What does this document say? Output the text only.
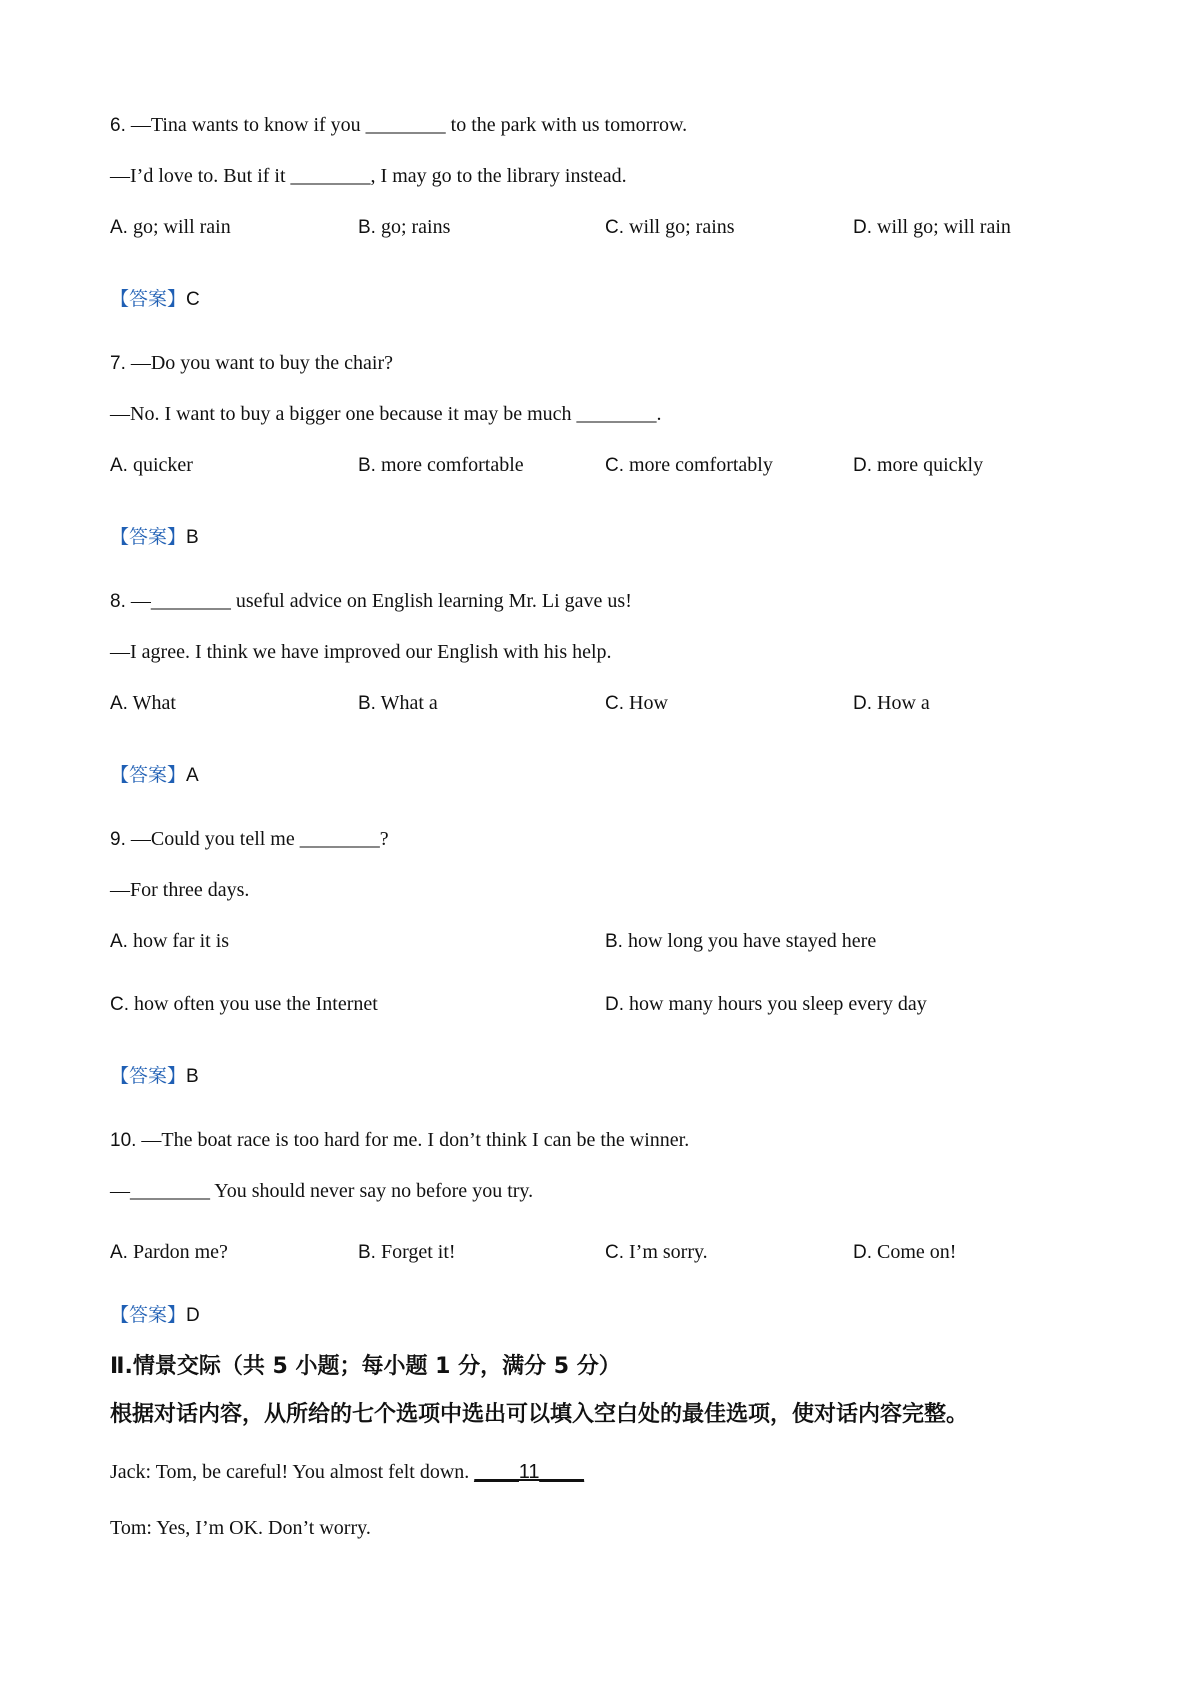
6. —Tina wants to know if you ________ to the park with us tomorrow.
—I’d love to. But if it ________, I may go to the library instead.
A. go; will rain	B. go; rains	C. will go; rains	D. will go; will rain
【答案】C
7. —Do you want to buy the chair?
—No. I want to buy a bigger one because it may be much ________.
A. quicker	B. more comfortable	C. more comfortably	D. more quickly
【答案】B
8. —________ useful advice on English learning Mr. Li gave us!
—I agree. I think we have improved our English with his help.
A. What	B. What a	C. How	D. How a
【答案】A
9. —Could you tell me ________?
—For three days.
A. how far it is	B. how long you have stayed here
C. how often you use the Internet	D. how many hours you sleep every day
【答案】B
10. —The boat race is too hard for me. I don’t think I can be the winner.
—________ You should never say no before you try.
A. Pardon me?	B. Forget it!	C. I’m sorry.	D. Come on!
【答案】D
Ⅱ.情景交际（共 5 小题；每小题 1 分，满分 5 分）
根据对话内容，从所给的七个选项中选出可以填入空白处的最佳选项，使对话内容完整。
Jack: Tom, be careful! You almost felt down. ____11____
Tom: Yes, I’m OK. Don’t worry.
